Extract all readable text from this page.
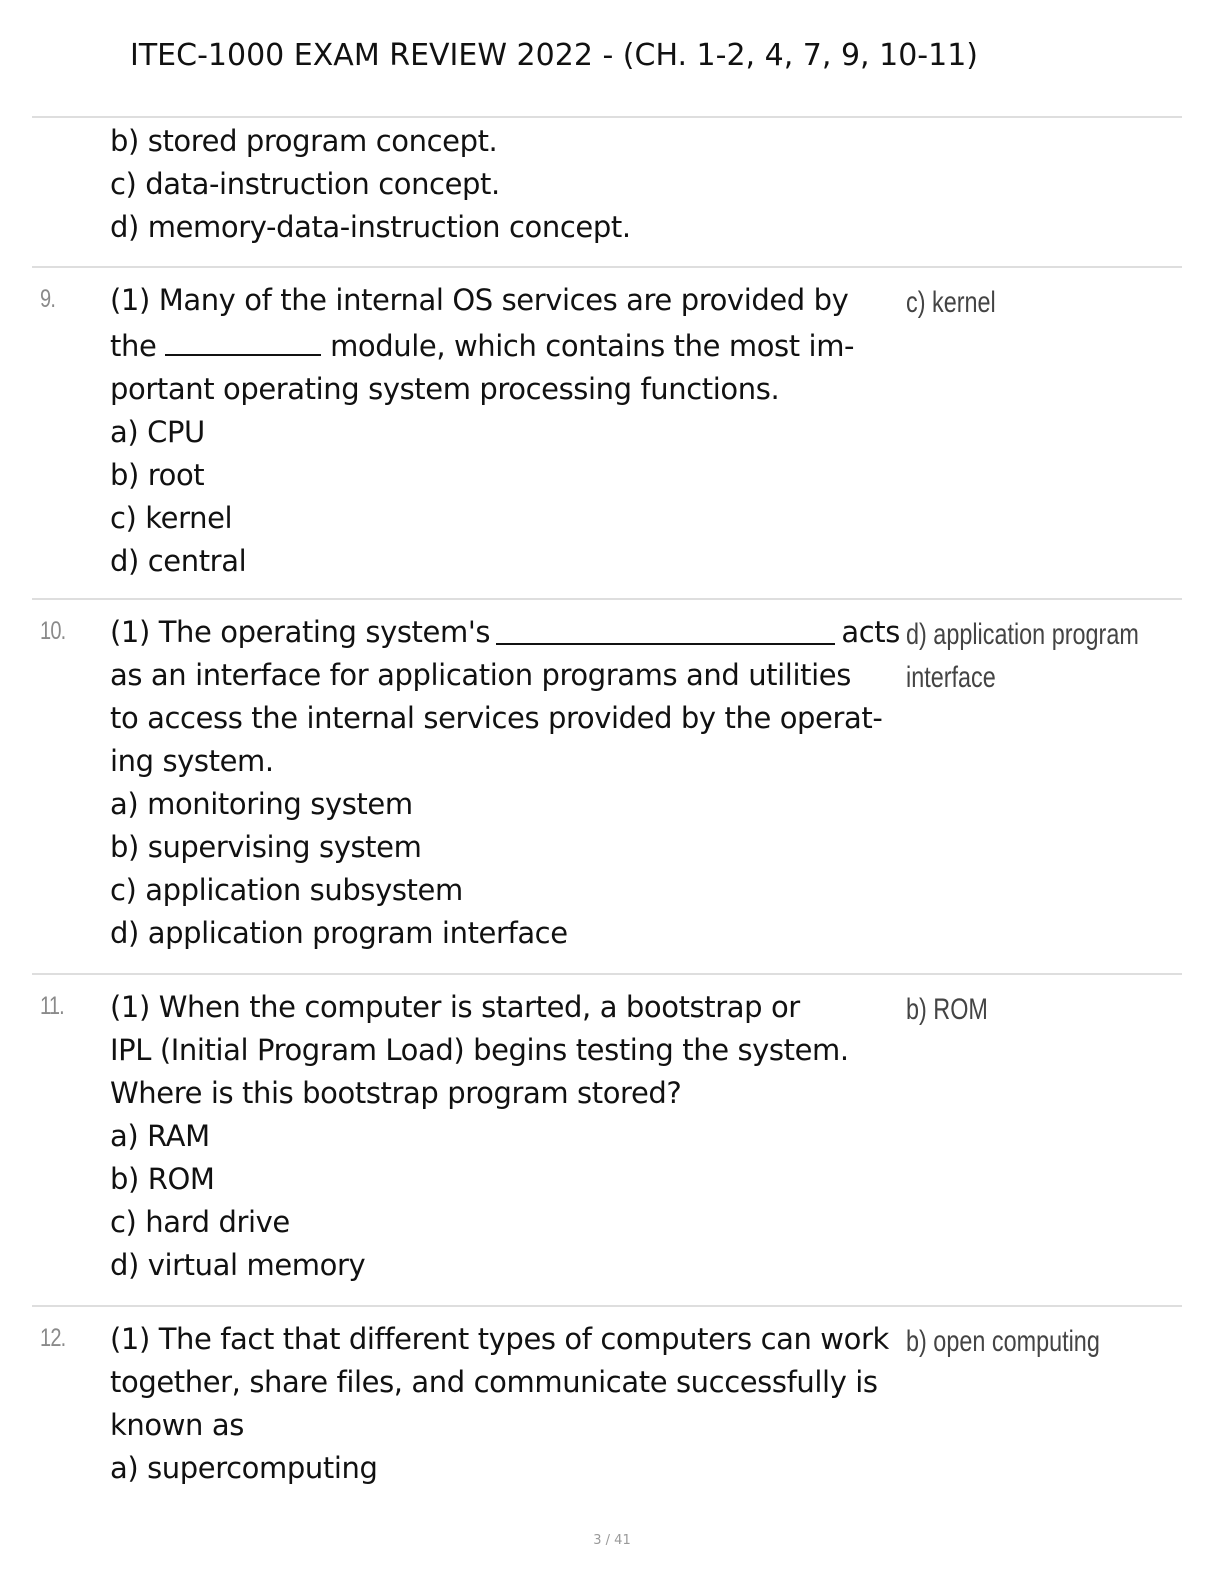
ITEC-1000 EXAM REVIEW 2022 - (CH. 1-2, 4, 7, 9, 10-11)
b) stored program concept.
c) data-instruction concept.
d) memory-data-instruction concept.
9. (1) Many of the internal OS services are provided by
the	module, which contains the most im-
portant operating system processing functions.
a) CPU
b) root
c) kernel
d) central
c) kernel
10. (1) The operating system's	acts
as an interface for application programs and utilities
to access the internal services provided by the operat-
ing system.
a) monitoring system
b) supervising system
c) application subsystem
d) application program interface
d) application program
interface
11. (1) When the computer is started, a bootstrap or
IPL (Initial Program Load) begins testing the system.
Where is this bootstrap program stored?
a) RAM
b) ROM
c) hard drive
d) virtual memory
b) ROM
12. (1) The fact that different types of computers can work
together, share files, and communicate successfully is
known as
a) supercomputing
b) open computing
3 / 41
